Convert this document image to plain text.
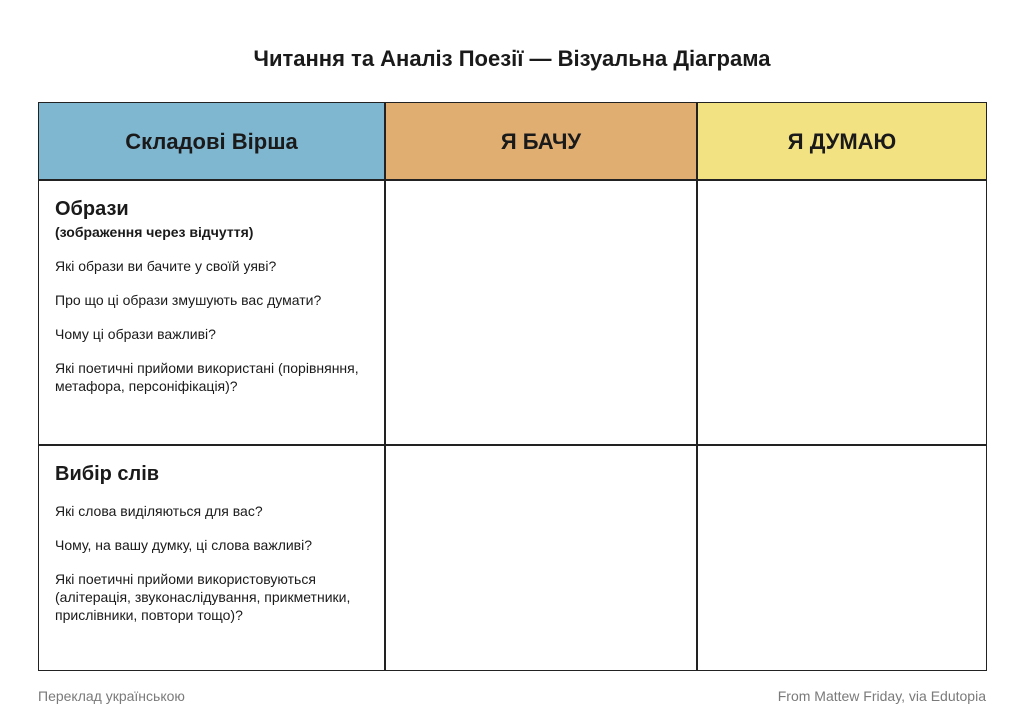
Читання та Аналіз Поезії — Візуальна Діаграма
Складові Вірша	Я БАЧУ	Я ДУМАЮ
Образи
(зображення через відчуття)
Які образи ви бачите у своїй уяві?
Про що ці образи змушують вас думати?
Чому ці образи важливі?
Які поетичні прийоми використані (порівняння, метафора, персоніфікація)?
Вибір слів
Які слова виділяються для вас?
Чому, на вашу думку, ці слова важливі?
Які поетичні прийоми використовуються (алітерація, звуконаслідування, прикметники, прислівники, повтори тощо)?
Переклад українською	From Mattew Friday, via Edutopia
